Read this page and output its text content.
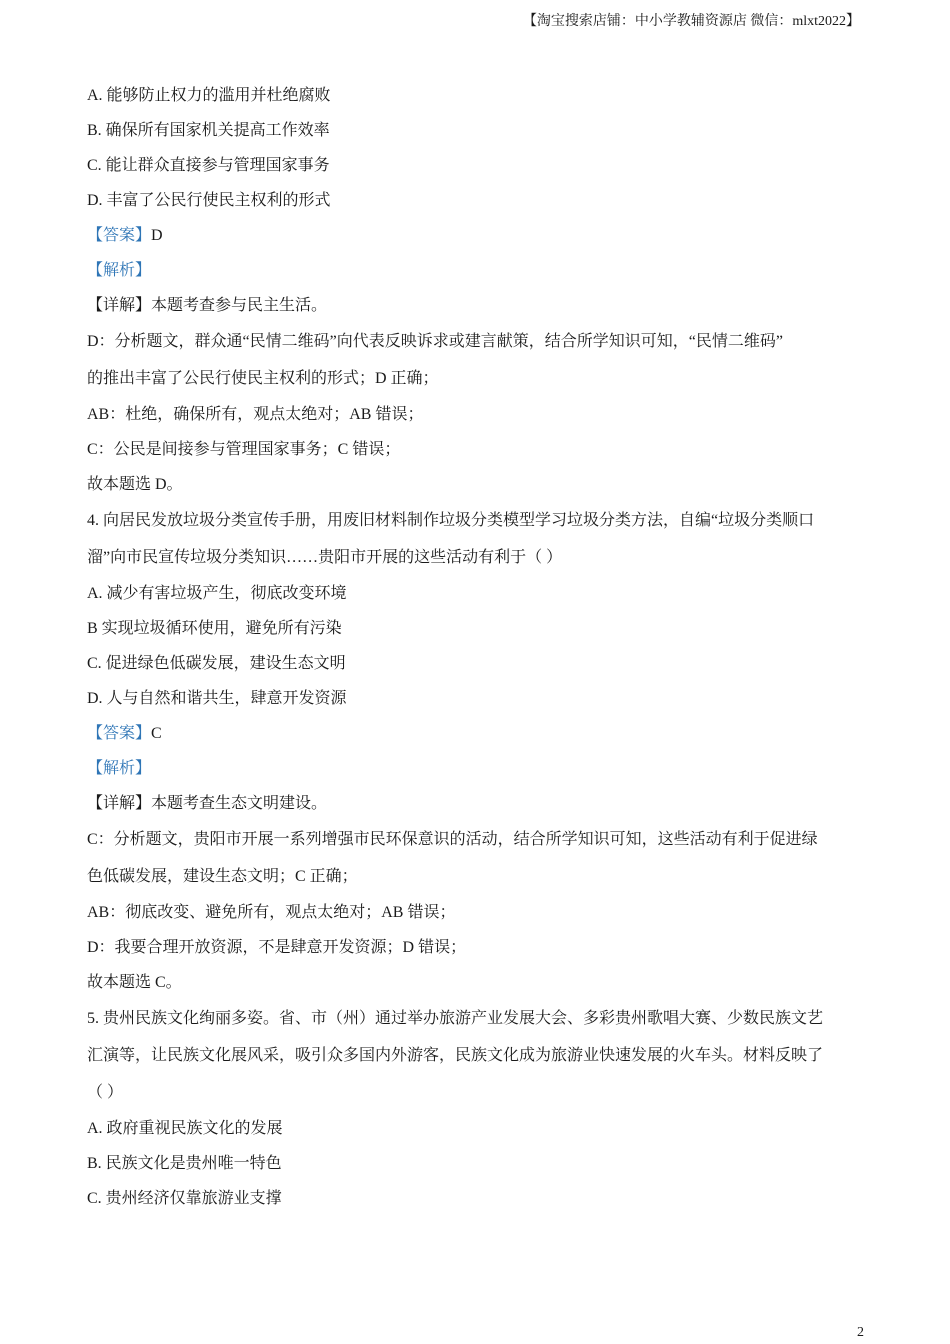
【淘宝搜索店铺：中小学教辅资源店 微信：mlxt2022】
A. 能够防止权力的滥用并杜绝腐败
B. 确保所有国家机关提高工作效率
C. 能让群众直接参与管理国家事务
D. 丰富了公民行使民主权利的形式
【答案】D
【解析】
【详解】本题考查参与民主生活。
D：分析题文，群众通“民情二维码”向代表反映诉求或建言献策，结合所学知识可知，“民情二维码”
的推出丰富了公民行使民主权利的形式；D 正确；
AB：杜绝，确保所有，观点太绝对；AB 错误；
C：公民是间接参与管理国家事务；C 错误；
故本题选 D。
4. 向居民发放垃圾分类宣传手册，用废旧材料制作垃圾分类模型学习垃圾分类方法，自编“垃圾分类顺口
溜”向市民宣传垃圾分类知识……贵阳市开展的这些活动有利于（ ）
A. 减少有害垃圾产生，彻底改变环境
B 实现垃圾循环使用，避免所有污染
C. 促进绿色低碳发展，建设生态文明
D. 人与自然和谐共生，肆意开发资源
【答案】C
【解析】
【详解】本题考查生态文明建设。
C：分析题文，贵阳市开展一系列增强市民环保意识的活动，结合所学知识可知，这些活动有利于促进绿
色低碳发展，建设生态文明；C 正确；
AB：彻底改变、避免所有，观点太绝对；AB 错误；
D：我要合理开放资源，不是肆意开发资源；D 错误；
故本题选 C。
5. 贵州民族文化绚丽多姿。省、市（州）通过举办旅游产业发展大会、多彩贵州歌唱大赛、少数民族文艺
汇演等，让民族文化展风采，吸引众多国内外游客，民族文化成为旅游业快速发展的火车头。材料反映了
（ ）
A. 政府重视民族文化的发展
B. 民族文化是贵州唯一特色
C. 贵州经济仅靠旅游业支撑
2
